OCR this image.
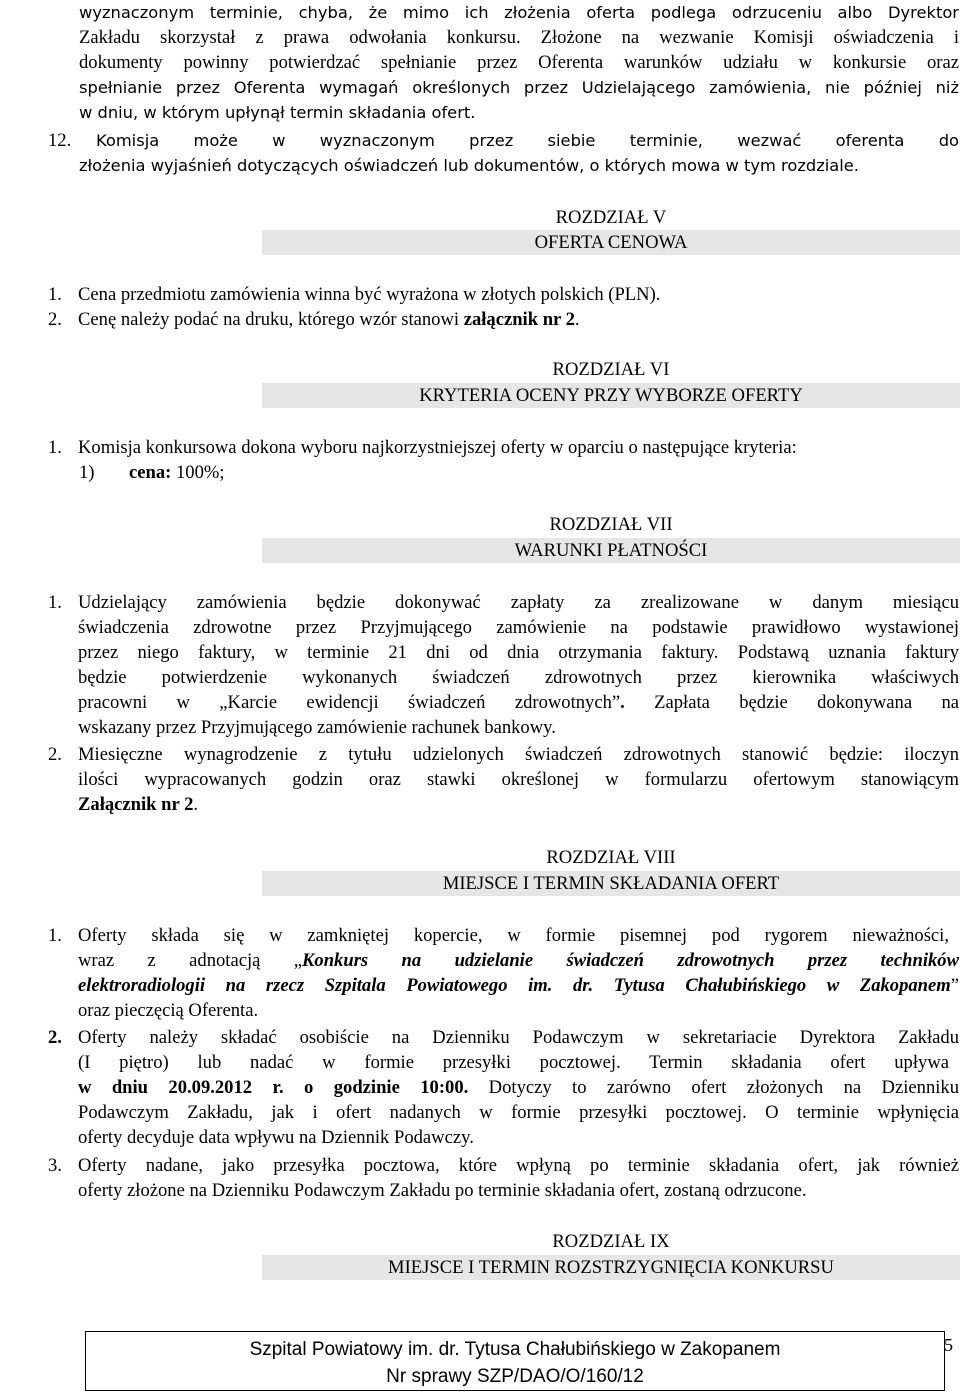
wyznaczonym terminie, chyba, że mimo ich złożenia oferta podlega odrzuceniu albo Dyrektor

Zakładu skorzystał z prawa odwołania konkursu. Złożone na wezwanie Komisji oświadczenia i

dokumenty powinny potwierdzać spełnianie przez Oferenta warunków udziału w konkursie oraz

spełnianie przez Oferenta wymagań określonych przez Udzielającego zamówienia, nie później niż

w dniu, w którym upłynął termin składania ofert.

12.	Komisja może w wyznaczonym przez siebie terminie, wezwać oferenta do

złożenia wyjaśnień dotyczących oświadczeń lub dokumentów, o których mowa w tym rozdziale.

ROZDZIAŁ V
OFERTA CENOWA

1. Cena przedmiotu zamówienia winna być wyrażona w złotych polskich (PLN).

2. Cenę należy podać na druku, którego wzór stanowi załącznik nr 2.

ROZDZIAŁ VI
KRYTERIA OCENY PRZY WYBORZE OFERTY

1. Komisja konkursowa dokona wyboru najkorzystniejszej oferty w oparciu o następujące kryteria:

1) cena: 100%;

ROZDZIAŁ VII
WARUNKI PŁATNOŚCI

1. Udzielający zamówienia będzie dokonywać zapłaty za zrealizowane w danym miesiącu

świadczenia zdrowotne przez Przyjmującego zamówienie na podstawie prawidłowo wystawionej

przez niego faktury, w terminie 21 dni od dnia otrzymania faktury. Podstawą uznania faktury

będzie potwierdzenie wykonanych świadczeń zdrowotnych przez kierownika właściwych

pracowni w „Karcie ewidencji świadczeń zdrowotnych”. Zapłata będzie dokonywana na

wskazany przez Przyjmującego zamówienie rachunek bankowy.

2. Miesięczne wynagrodzenie z tytułu udzielonych świadczeń zdrowotnych stanowić będzie: iloczyn

ilości wypracowanych godzin oraz stawki określonej w formularzu ofertowym stanowiącym

Załącznik nr 2.

ROZDZIAŁ VIII
MIEJSCE I TERMIN SKŁADANIA OFERT

1. Oferty składa się w zamkniętej kopercie, w formie pisemnej pod rygorem nieważności,

wraz z adnotacją „Konkurs na udzielanie świadczeń zdrowotnych przez techników

elektroradiologii na rzecz Szpitala Powiatowego im. dr. Tytusa Chałubińskiego w Zakopanem”

oraz pieczęcią Oferenta.

2. Oferty należy składać osobiście na Dzienniku Podawczym w sekretariacie Dyrektora Zakładu

(I piętro) lub nadać w formie przesyłki pocztowej. Termin składania ofert upływa

w dniu 20.09.2012 r. o godzinie 10:00. Dotyczy to zarówno ofert złożonych na Dzienniku

Podawczym Zakładu, jak i ofert nadanych w formie przesyłki pocztowej. O terminie wpłynięcia

oferty decyduje data wpływu na Dziennik Podawczy.

3. Oferty nadane, jako przesyłka pocztowa, które wpłyną po terminie składania ofert, jak również

oferty złożone na Dzienniku Podawczym Zakładu po terminie składania ofert, zostaną odrzucone.

ROZDZIAŁ IX
MIEJSCE I TERMIN ROZSTRZYGNIĘCIA KONKURSU
Szpital Powiatowy im. dr. Tytusa Chałubińskiego w Zakopanem
Nr sprawy SZP/DAO/O/160/12
5
